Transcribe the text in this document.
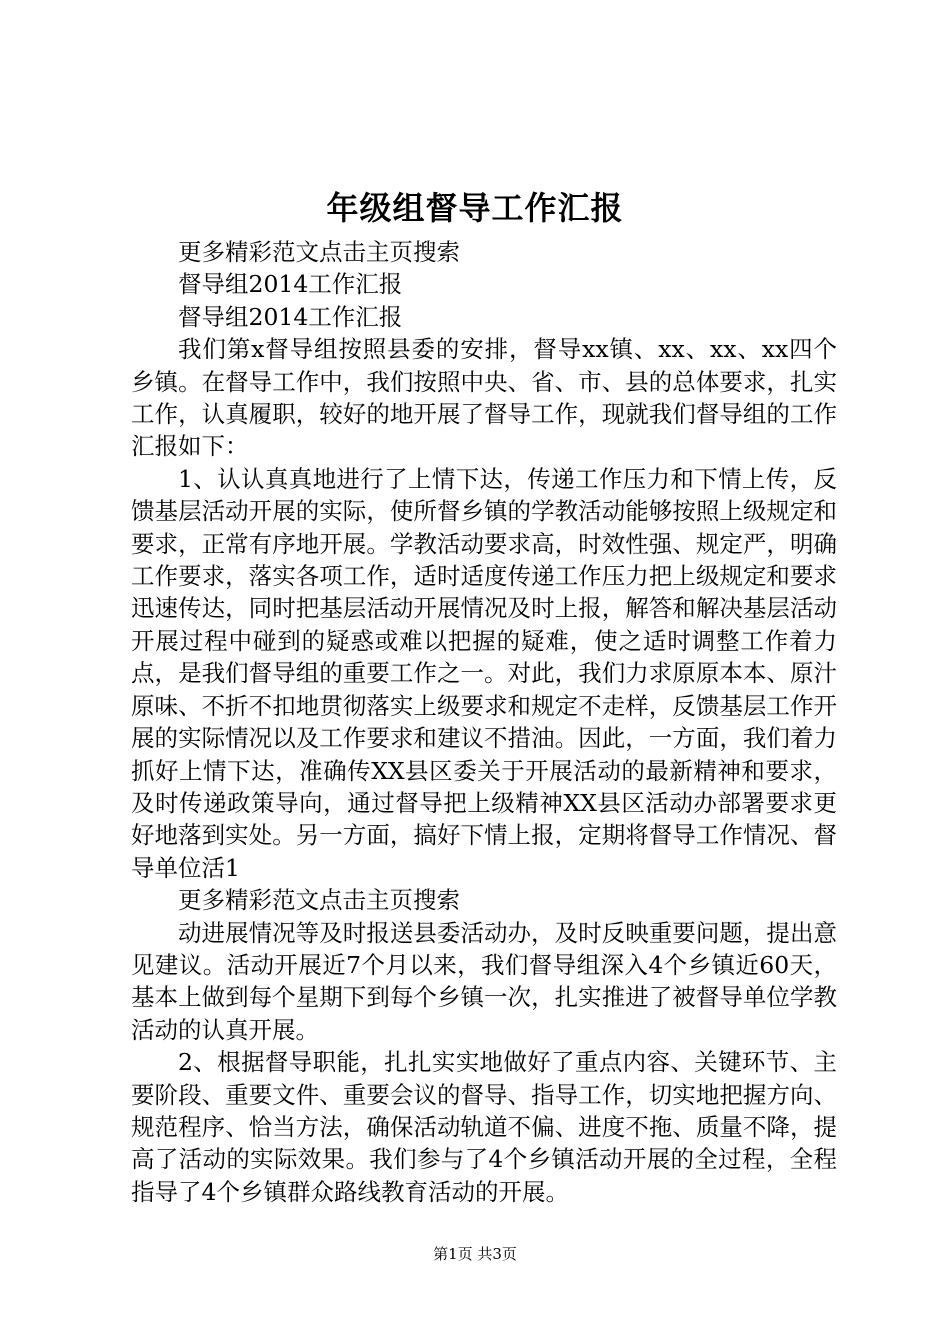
年级组督导工作汇报

更多精彩范文点击主页搜索

督导组2014工作汇报

督导组2014工作汇报

我们第x督导组按照县委的安排，督导xx镇、xx、xx、xx四个乡镇。在督导工作中，我们按照中央、省、市、县的总体要求，扎实工作，认真履职，较好的地开展了督导工作，现就我们督导组的工作汇报如下：

1、认认真真地进行了上情下达，传递工作压力和下情上传，反馈基层活动开展的实际，使所督乡镇的学教活动能够按照上级规定和要求，正常有序地开展。学教活动要求高，时效性强、规定严，明确工作要求，落实各项工作，适时适度传递工作压力把上级规定和要求迅速传达，同时把基层活动开展情况及时上报，解答和解决基层活动开展过程中碰到的疑惑或难以把握的疑难，使之适时调整工作着力点，是我们督导组的重要工作之一。对此，我们力求原原本本、原汁原味、不折不扣地贯彻落实上级要求和规定不走样，反馈基层工作开展的实际情况以及工作要求和建议不措油。因此，一方面，我们着力抓好上情下达，准确传XX县区委关于开展活动的最新精神和要求，及时传递政策导向，通过督导把上级精神XX县区活动办部署要求更好地落到实处。另一方面，搞好下情上报，定期将督导工作情况、督导单位活1

更多精彩范文点击主页搜索

动进展情况等及时报送县委活动办，及时反映重要问题，提出意见建议。活动开展近7个月以来，我们督导组深入4个乡镇近60天，基本上做到每个星期下到每个乡镇一次，扎实推进了被督导单位学教活动的认真开展。

2、根据督导职能，扎扎实实地做好了重点内容、关键环节、主要阶段、重要文件、重要会议的督导、指导工作，切实地把握方向、规范程序、恰当方法，确保活动轨道不偏、进度不拖、质量不降，提高了活动的实际效果。我们参与了4个乡镇活动开展的全过程，全程指导了4个乡镇群众路线教育活动的开展。

第1页 共3页
